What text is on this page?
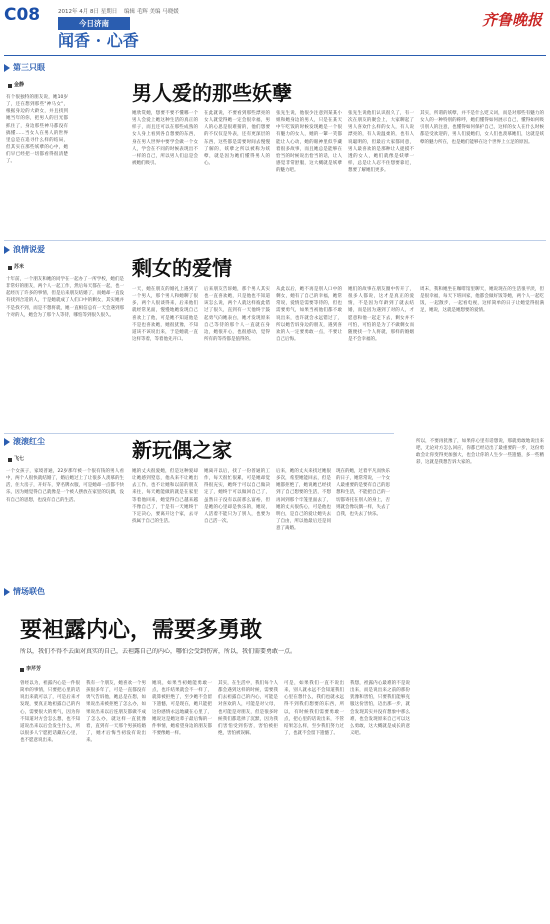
C08	2012年 4月 8日 星期日 编辑 毛辉 美编 马晓媛
今日济南
闻香 · 心香
齐鲁晚报
第三只眼
金静	男人爱的那些妖孽
有个很独特的朋友说，她10岁了，还在想到那些"神马女"，根据身边的大龄女，并且找到她当年的你，把男人的目光都抓住了，身边那些神马都没有搞懂……当女人在男人的世界里总是在追寻什么样的结局，但其实在那些妖孽的心中，她们早已经把一切都看得很清楚了。
她欣赏她，想要不要不懂哪一个男人会爱上她这种生活的真正的样子，而且还可以在那些成熟的女人身上看到各自想要的东西，身在男人世界中要学会做一个女人，学会在不同的时候表现出不一样的自己，所以男人们总是会被她们吸引。
在此就说，不要看到那些漂亮的女人就觉得她一定会很幸福，男人的心思是很难猜的，他们想要的不仅仅是外表，还有更深层的东西，这些都是需要时间去慢慢了解的，妖孽之所以被称为妖孽，就是因为她们懂得男人的心。
张先生说，他很少注意到某某小姐和她身边的男人，只是在某天中午吃饭的时候发现她是一个很有魅力的女人，她的一颦一笑都能让人心动，她的眼神里似乎藏着很多故事，而且她总是能够在恰当的时候说出恰当的话，让人感觉非常舒服，这大概就是妖孽的魅力吧。
张先生说他们认识很久了，有一次在朋友的聚会上，大家聊起了男人喜欢什么样的女人，有人说漂亮的，有人说温柔的，也有人说聪明的，但最后大家都同意，男人最喜欢的是那种让人捉摸不透的女人，她们就像是妖孽一样，总是让人忍不住想要靠近，想要了解她们更多。
其实，所谓的妖孽，并不是什么贬义词，而是对那些有魅力的女人的一种特别的称呼，她们懂得如何展示自己，懂得如何吸引别人的注意，也懂得如何保护自己，这样的女人在什么时候都是受欢迎的，男人们爱她们，女人们也羡慕她们，这就是妖孽的魅力所在，也是她们能够在这个世界上立足的原因。
浪情说爱
苏米	剩女的爱情
十年前，一个朋友和她的同学在一起办了一所学校，她们是非常好的朋友，两个人一起工作，然后每天都在一起，也一起经历了许多的事情，但是后来朋友结婚了，而她却一直没有找到合适的人，于是她就成了人们口中的剩女，其实她并不是找不到，而是不想将就，她一直相信总有一天会遇到那个对的人，她会为了那个人等待，哪怕等到很久很久。
一天，她在朋友的婚礼上遇到了一个男人，那个男人和她聊了很多，两个人很谈得来，后来他们就经常见面，慢慢地她发现自己喜欢上了他，可是她不知道他是不是也喜欢她，她很犹豫，不知道该不该说出来，于是她就一直这样等着，等着他先开口。
后来朋友告诉她，那个男人其实也一直喜欢她，只是他也不知道该怎么说，两个人就这样彼此错过了很久，直到有一天他终于鼓起勇气向她表白，她才发现原来自己等待的那个人一直就在身边，她很开心，也很感动，觉得所有的等待都是值得的。
从此以后，她不再是别人口中的剩女，她有了自己的幸福，她常常说，爱情是需要等待的，但也需要勇气，如果当初他们都不敢说出来，也许就会永远错过了，所以她告诉身边的朋友，遇到喜欢的人一定要勇敢一点，不要让自己后悔。
她们的故事在朋友圈中传开了，很多人都说，这才是真正的爱情，不是因为年龄到了就去结婚，而是因为遇到了对的人，才愿意和他一起走下去，剩女并不可怕，可怕的是为了不做剩女而随便找一个人将就，那样的婚姻是不会幸福的。
周末，我和她坐在咖啡馆里聊天，她说现在的生活很平淡，但是很幸福，每天下班回家，他都会做好饭等她，两个人一起吃饭，一起散步，一起看电视，这样简单的日子让她觉得很满足，她说，这就是她想要的爱情。
滚滚红尘
飞七	新玩偶之家
一个女孩子，家境普通，22岁那年被一个很有钱的男人看中，两个人很快就结婚了，婚后她过上了让很多人羡慕的生活，住大房子，开好车，穿名牌衣服，可是她却一点都不快乐，因为她觉得自己就像是一个被人摆放在家里的玩偶，没有自己的思想，也没有自己的生活。
她的丈夫很爱她，但是这种爱却让她感到窒息，他从来不让她出去工作，也不让她和以前的朋友来往，每天她能做的就是在家里等着他回来，她觉得自己越来越不像自己了，于是有一天她终于下定决心，要离开这个家，去寻找属于自己的生活。
她离开以后，找了一份普通的工作，每天很忙很累，可是她却觉得很充实，她终于可以自己做决定了，她终于可以做回自己了，虽然日子没有以前那么富裕，但是她的心里却是快乐的，她说，人活着不能只为了别人，也要为自己活一次。
后来，她的丈夫来找过她很多次，希望她能回去，但是她都拒绝了，她说她已经找到了自己想要的生活，不想再回到那个牢笼里面去了，她的丈夫很伤心，可是他也明白，是自己的爱让她失去了自由，所以他最后还是同意了离婚。
现在的她，过着平凡而快乐的日子，她常常说，一个女人最重要的是要有自己的思想和生活，不能把自己的一切都寄托在别人的身上，否则就会像玩偶一样，失去了自我，也失去了快乐。
情场联色
要袒露内心，需要多勇敢
所以，我们不得不去面对真实的自己，去袒露自己的内心，哪怕会受到伤害，所以，我们需要勇敢一点。
李芹芳
曾经以为，袒露内心是一件很简单的事情，只要把心里的话说出来就可以了，可是后来才发现，要真正地袒露自己的内心，需要很大的勇气，因为你不知道对方会怎么想，也不知道说出来以后会发生什么，所以很多人宁愿把话藏在心里，也不愿意说出来。
我有一个朋友，她喜欢一个男孩很多年了，可是一直都没有勇气告诉他，她总是在想，如果说出来被拒绝了怎么办，如果说出来以后连朋友都做不成了怎么办，就这样一直犹豫着，直到有一天那个男孩结婚了，她才后悔当初没有说出来。
她说，如果当初她能勇敢一点，也许结果就会不一样了，就算被拒绝了，至少她不会留下遗憾，可是现在，她只能把这份感情永远地藏在心里了，她说这是她这辈子最后悔的一件事情，她希望身边的朋友都不要像她一样。
其实，在生活中，我们每个人都会遇到这样的时候，需要我们去袒露自己的内心，可能是对喜欢的人，可能是对父母，也可能是对朋友，但是很多时候我们都选择了沉默，因为我们害怕受到伤害，害怕被拒绝，害怕被误解。
可是，如果我们一直不说出来，别人就永远不会知道我们心里在想什么，我们也就永远得不到我们想要的东西，所以，有时候我们需要勇敢一点，把心里的话说出来，不管结果怎么样，至少我们努力过了，也就不会留下遗憾了。
我想，袒露内心最难的不是说出来，而是说出来之前的那份犹豫和害怕，只要我们能够克服这份害怕，迈出那一步，就会发现其实并没有想象中那么难，也会发现原来自己可以这么勇敢，这大概就是成长的意义吧。
所以，不要再犹豫了，如果你心里有话想说，那就勇敢地说出来吧，无论对方怎么回应，你都已经迈出了最重要的一步，这份勇敢会让你变得更加强大，也会让你的人生少一些遗憾，多一些精彩，这就是我想告诉大家的。
